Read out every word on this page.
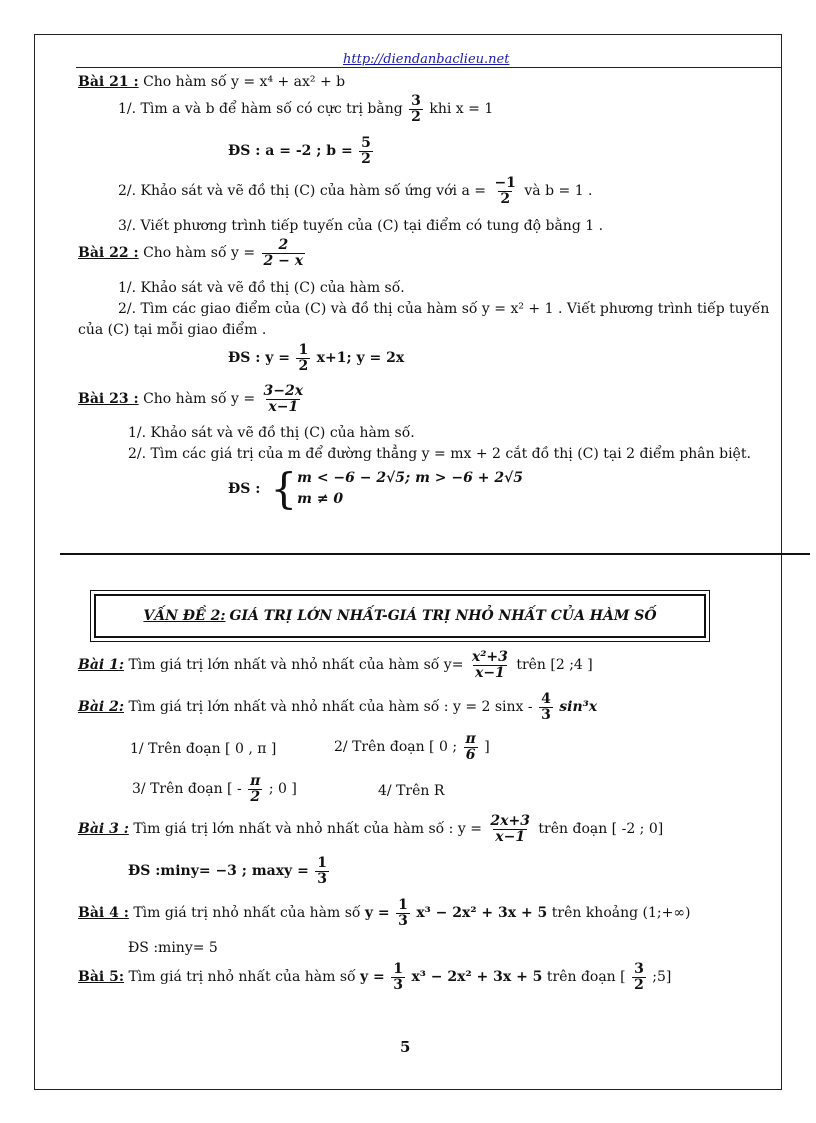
http://diendanbaclieu.net
Bài 21 : Cho hàm số y = x⁴ + ax² + b
1/. Tìm a và b để hàm số có cực trị bằng $\frac{3}{2}$ khi x = 1
ĐS : a = -2 ; $b = \frac{5}{2}$
2/. Khảo sát và vẽ đồ thị (C) của hàm số ứng với $a = \frac{-1}{2}$ và b = 1 .
3/. Viết phương trình tiếp tuyến của (C) tại điểm có tung độ bằng 1 .
Bài 22 : Cho hàm số $y = \frac{2}{2 - x}$
1/. Khảo sát và vẽ đồ thị (C) của hàm số.
2/. Tìm các giao điểm của (C) và đồ thị của hàm số y = x² + 1 . Viết phương trình tiếp tuyến
của (C) tại mỗi giao điểm .
ĐS : $y = \frac{1}{2} x+1$; y = 2x
Bài 23 : Cho hàm số $y = \frac{3-2x}{x-1}$
1/. Khảo sát và vẽ đồ thị (C) của hàm số.
2/. Tìm các giá trị của m để đường thẳng y = mx + 2 cắt đồ thị (C) tại 2 điểm phân biệt.
ĐS : { m < −6 − 2√5; m > −6 + 2√5
m ≠ 0
VẤN ĐỀ 2: GIÁ TRỊ LỚN NHẤT-GIÁ TRỊ NHỎ NHẤT CỦA HÀM SỐ
Bài 1: Tìm giá trị lớn nhất và nhỏ nhất của hàm số $y= \frac{\text{x²+3}}{x-1}$ trên [2 ;4 ]
Bài 2: Tìm giá trị lớn nhất và nhỏ nhất của hàm số : y = 2 sinx - $\frac{4}{3} \sin^3x$
1/ Trên đoạn [ 0 , π ]	2/ Trên đoạn [ 0 ; $\frac{\pi}{6}$ ]
3/ Trên đoạn [ - $\frac{\pi}{2}$ ; 0 ]	4/ Trên R
Bài 3 : Tìm giá trị lớn nhất và nhỏ nhất của hàm số : $y = \frac{2x+3}{x-1}$ trên đoạn [ -2 ; 0]
ĐS :miny= −3 ; $\max y = \frac{1}{3}$
Bài 4 : Tìm giá trị nhỏ nhất của hàm số $y = \frac{1}{3} x^3 - 2x^2 + 3x + 5$ trên khoảng (1;+∞)
ĐS :miny= 5
Bài 5: Tìm giá trị nhỏ nhất của hàm số $y = \frac{1}{3} x^3 - 2x^2 + 3x + 5$ trên đoạn [ $\frac{3}{2}$ ;5]
5
